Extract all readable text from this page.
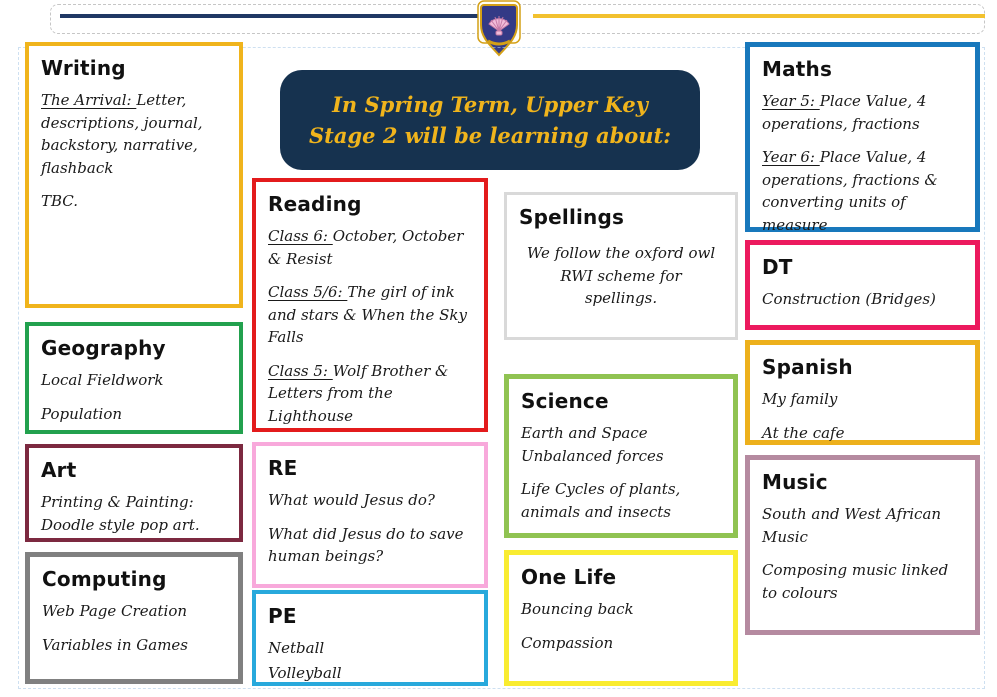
In Spring Term, Upper Key Stage 2 will be learning about:
Writing

The Arrival: Letter, descriptions, journal, backstory, narrative, flashback

TBC.

Geography

Local Fieldwork

Population

Art

Printing & Painting: Doodle style pop art.

Computing

Web Page Creation

Variables in Games

Reading

Class 6: October, October & Resist

Class 5/6: The girl of ink and stars & When the Sky Falls

Class 5: Wolf Brother & Letters from the Lighthouse

RE

What would Jesus do?

What did Jesus do to save human beings?

PE

Netball

Volleyball

Spellings

We follow the oxford owl RWI scheme for spellings.

Science

Earth and Space Unbalanced forces

Life Cycles of plants, animals and insects

One Life

Bouncing back

Compassion

Maths

Year 5: Place Value, 4 operations, fractions

Year 6: Place Value, 4 operations, fractions & converting units of measure

DT

Construction (Bridges)

Spanish

My family

At the cafe

Music

South and West African Music

Composing music linked to colours
